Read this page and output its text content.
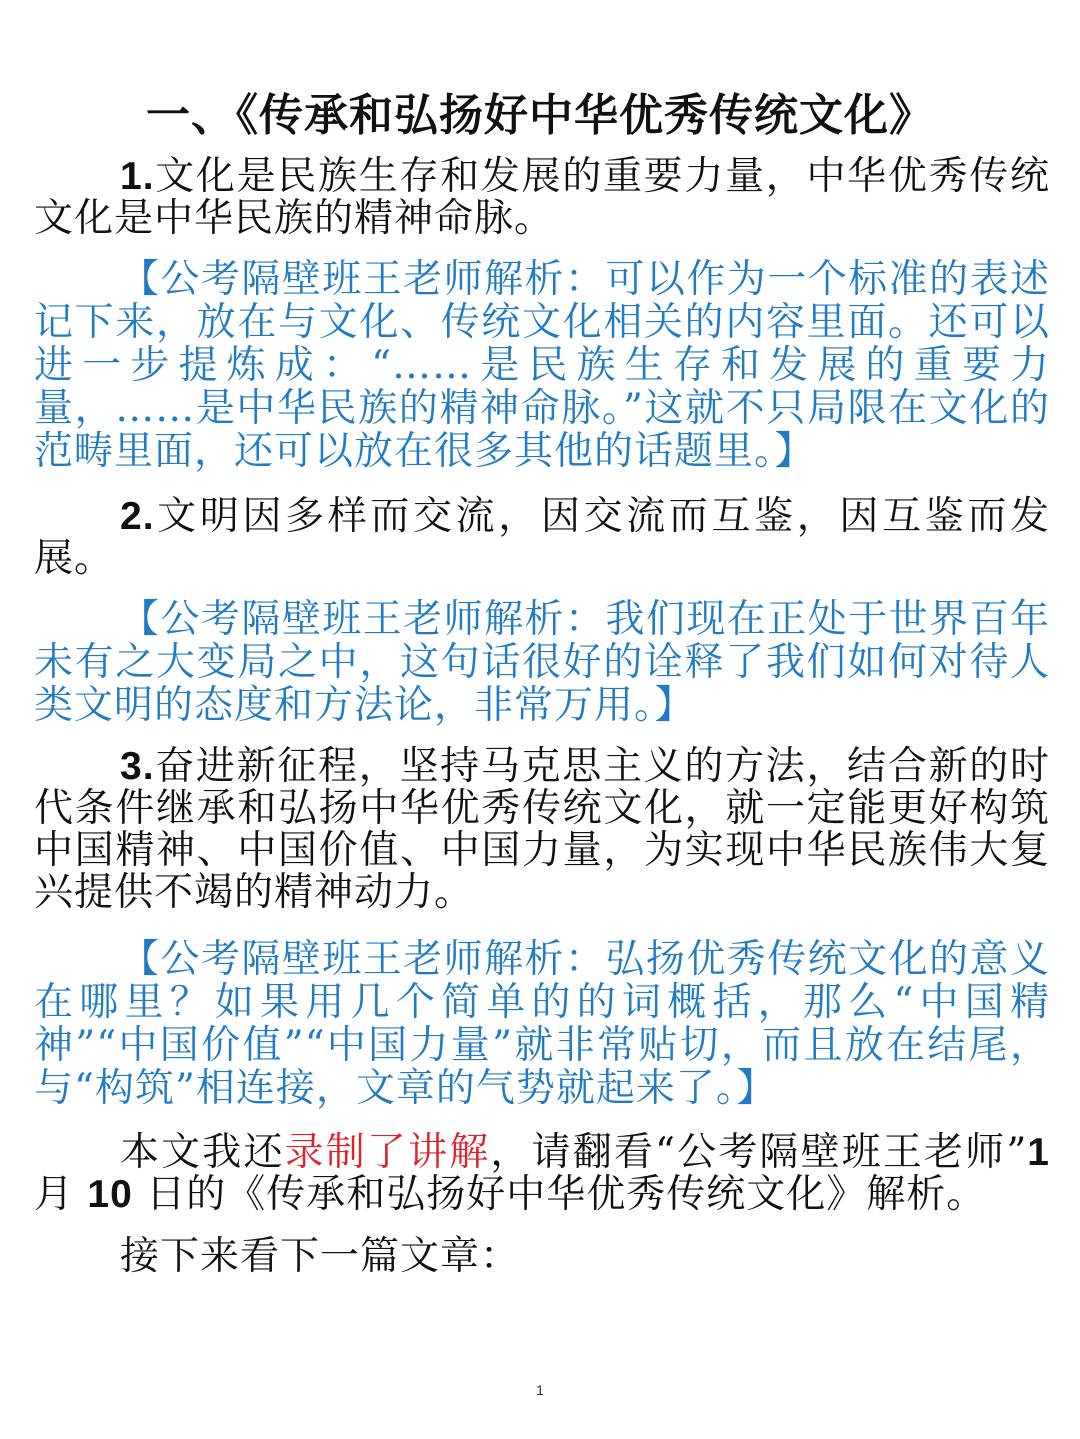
一、《传承和弘扬好中华优秀传统文化》
1.文化是民族生存和发展的重要力量，中华优秀传统文化是中华民族的精神命脉。
【公考隔壁班王老师解析：可以作为一个标准的表述记下来，放在与文化、传统文化相关的内容里面。还可以进一步提炼成：“……是民族生存和发展的重要力量，……是中华民族的精神命脉。”这就不只局限在文化的范畴里面，还可以放在很多其他的话题里。】
2.文明因多样而交流，因交流而互鉴，因互鉴而发展。
【公考隔壁班王老师解析：我们现在正处于世界百年未有之大变局之中，这句话很好的诠释了我们如何对待人类文明的态度和方法论，非常万用。】
3.奋进新征程，坚持马克思主义的方法，结合新的时代条件继承和弘扬中华优秀传统文化，就一定能更好构筑中国精神、中国价值、中国力量，为实现中华民族伟大复兴提供不竭的精神动力。
【公考隔壁班王老师解析：弘扬优秀传统文化的意义在哪里？如果用几个简单的的词概括，那么“中国精神”“中国价值”“中国力量”就非常贴切，而且放在结尾，与“构筑”相连接，文章的气势就起来了。】
本文我还录制了讲解，请翻看“公考隔壁班王老师”1 月 10 日的《传承和弘扬好中华优秀传统文化》解析。
接下来看下一篇文章：
1
